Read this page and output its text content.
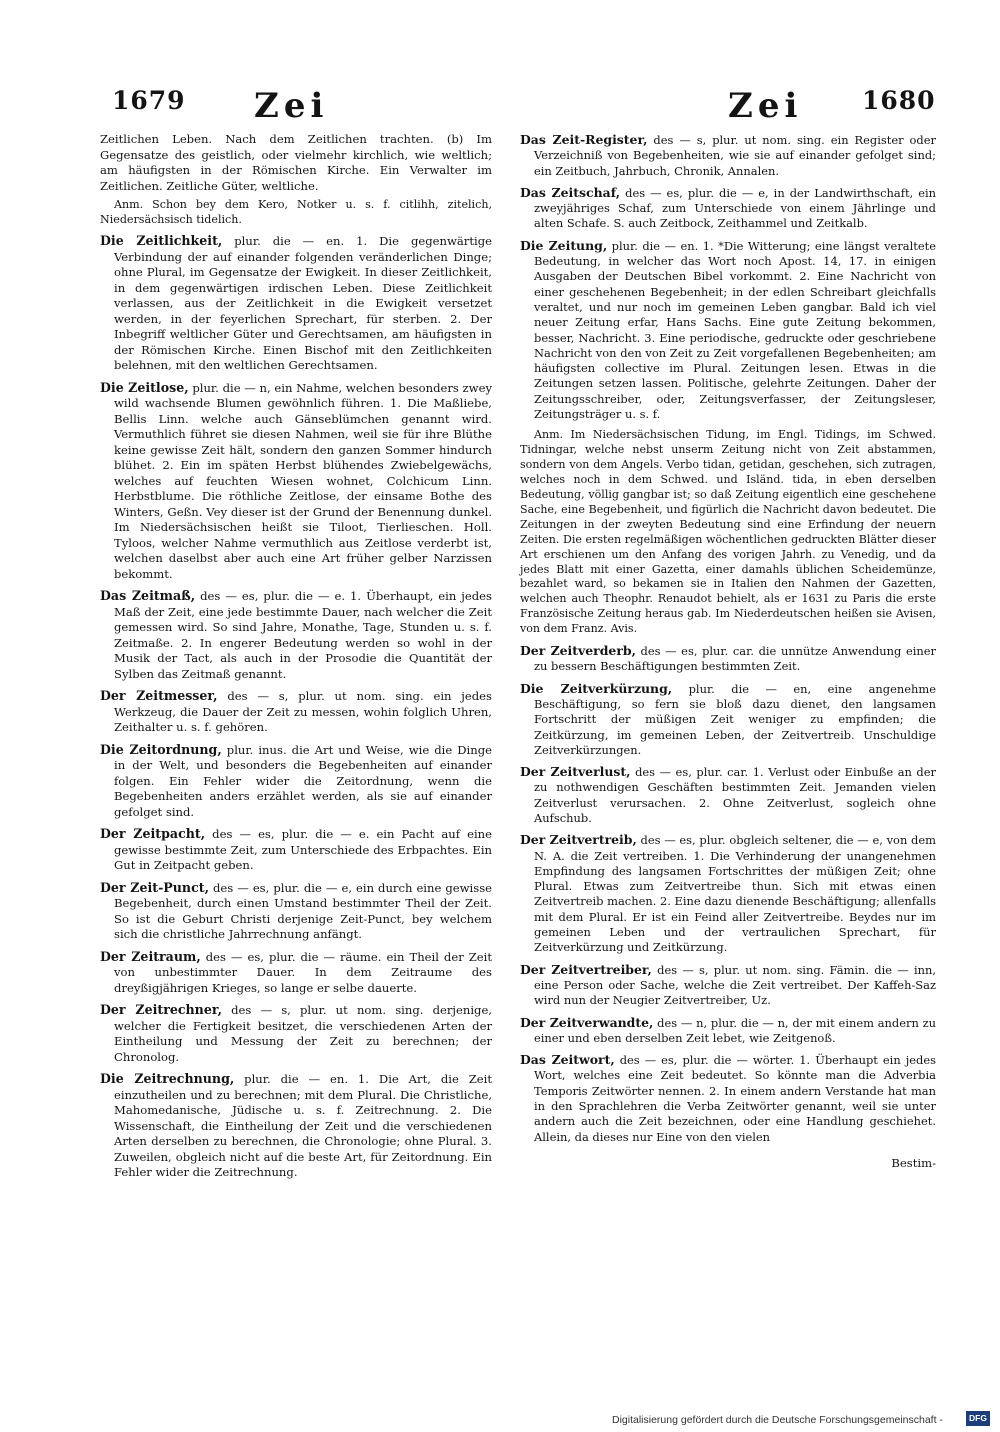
1679 Zei	Zei 1680

Zeitlichen Leben. Nach dem Zeitlichen trachten. (b) Im Gegensatze des geistlich, oder vielmehr kirchlich, wie weltlich; am häufigsten in der Römischen Kirche. Ein Verwalter im Zeitlichen. Zeitliche Güter, weltliche.

Anm. Schon bey dem Kero, Notker u. s. f. citlihh, zitelich, Niedersächsisch tidelich.

Die Zeitlichkeit, plur. die — en. 1. Die gegenwärtige Verbindung der auf einander folgenden veränderlichen Dinge; ohne Plural, im Gegensatze der Ewigkeit. In dieser Zeitlichkeit, in dem gegenwärtigen irdischen Leben. Diese Zeitlichkeit verlassen, aus der Zeitlichkeit in die Ewigkeit versetzet werden, in der feyerlichen Sprechart, für sterben. 2. Der Inbegriff weltlicher Güter und Gerechtsamen, am häufigsten in der Römischen Kirche. Einen Bischof mit den Zeitlichkeiten belehnen, mit den weltlichen Gerechtsamen.

Die Zeitlose, plur. die — n, ein Nahme, welchen besonders zwey wild wachsende Blumen gewöhnlich führen. 1. Die Maßliebe, Bellis Linn. welche auch Gänseblümchen genannt wird. Vermuthlich führet sie diesen Nahmen, weil sie für ihre Blüthe keine gewisse Zeit hält, sondern den ganzen Sommer hindurch blühet. 2. Ein im späten Herbst blühendes Zwiebelgewächs, welches auf feuchten Wiesen wohnet, Colchicum Linn. Herbstblume. Die röthliche Zeitlose, der einsame Bothe des Winters, Geßn. Vey dieser ist der Grund der Benennung dunkel. Im Niedersächsischen heißt sie Tiloot, Tierlieschen. Holl. Tyloos, welcher Nahme vermuthlich aus Zeitlose verderbt ist, welchen daselbst aber auch eine Art früher gelber Narzissen bekommt.

Das Zeitmaß, des — es, plur. die — e. 1. Überhaupt, ein jedes Maß der Zeit, eine jede bestimmte Dauer, nach welcher die Zeit gemessen wird. So sind Jahre, Monathe, Tage, Stunden u. s. f. Zeitmaße. 2. In engerer Bedeutung werden so wohl in der Musik der Tact, als auch in der Prosodie die Quantität der Sylben das Zeitmaß genannt.

Der Zeitmesser, des — s, plur. ut nom. sing. ein jedes Werkzeug, die Dauer der Zeit zu messen, wohin folglich Uhren, Zeithalter u. s. f. gehören.

Die Zeitordnung, plur. inus. die Art und Weise, wie die Dinge in der Welt, und besonders die Begebenheiten auf einander folgen. Ein Fehler wider die Zeitordnung, wenn die Begebenheiten anders erzählet werden, als sie auf einander gefolget sind.

Der Zeitpacht, des — es, plur. die — e. ein Pacht auf eine gewisse bestimmte Zeit, zum Unterschiede des Erbpachtes. Ein Gut in Zeitpacht geben.

Der Zeit-Punct, des — es, plur. die — e, ein durch eine gewisse Begebenheit, durch einen Umstand bestimmter Theil der Zeit. So ist die Geburt Christi derjenige Zeit-Punct, bey welchem sich die christliche Jahrrechnung anfängt.

Der Zeitraum, des — es, plur. die — räume. ein Theil der Zeit von unbestimmter Dauer. In dem Zeitraume des dreyßigjährigen Krieges, so lange er selbe dauerte.

Der Zeitrechner, des — s, plur. ut nom. sing. derjenige, welcher die Fertigkeit besitzet, die verschiedenen Arten der Eintheilung und Messung der Zeit zu berechnen; der Chronolog.

Die Zeitrechnung, plur. die — en. 1. Die Art, die Zeit einzutheilen und zu berechnen; mit dem Plural. Die Christliche, Mahomedanische, Jüdische u. s. f. Zeitrechnung. 2. Die Wissenschaft, die Eintheilung der Zeit und die verschiedenen Arten derselben zu berechnen, die Chronologie; ohne Plural. 3. Zuweilen, obgleich nicht auf die beste Art, für Zeitordnung. Ein Fehler wider die Zeitrechnung.

Das Zeit-Register, des — s, plur. ut nom. sing. ein Register oder Verzeichniß von Begebenheiten, wie sie auf einander gefolget sind; ein Zeitbuch, Jahrbuch, Chronik, Annalen.

Das Zeitschaf, des — es, plur. die — e, in der Landwirthschaft, ein zweyjähriges Schaf, zum Unterschiede von einem Jährlinge und alten Schafe. S. auch Zeitbock, Zeithammel und Zeitkalb.

Die Zeitung, plur. die — en. 1. *Die Witterung; eine längst veraltete Bedeutung, in welcher das Wort noch Apost. 14, 17. in einigen Ausgaben der Deutschen Bibel vorkommt. 2. Eine Nachricht von einer geschehenen Begebenheit; in der edlen Schreibart gleichfalls veraltet, und nur noch im gemeinen Leben gangbar. Bald ich viel neuer Zeitung erfar, Hans Sachs. Eine gute Zeitung bekommen, besser, Nachricht. 3. Eine periodische, gedruckte oder geschriebene Nachricht von den von Zeit zu Zeit vorgefallenen Begebenheiten; am häufigsten collective im Plural. Zeitungen lesen. Etwas in die Zeitungen setzen lassen. Politische, gelehrte Zeitungen. Daher der Zeitungsschreiber, oder, Zeitungsverfasser, der Zeitungsleser, Zeitungsträger u. s. f.

Anm. Im Niedersächsischen Tidung, im Engl. Tidings, im Schwed. Tidningar, welche nebst unserm Zeitung nicht von Zeit abstammen, sondern von dem Angels. Verbo tidan, getidan, geschehen, sich zutragen, welches noch in dem Schwed. und Isländ. tida, in eben derselben Bedeutung, völlig gangbar ist; so daß Zeitung eigentlich eine geschehene Sache, eine Begebenheit, und figürlich die Nachricht davon bedeutet. Die Zeitungen in der zweyten Bedeutung sind eine Erfindung der neuern Zeiten. Die ersten regelmäßigen wöchentlichen gedruckten Blätter dieser Art erschienen um den Anfang des vorigen Jahrh. zu Venedig, und da jedes Blatt mit einer Gazetta, einer damahls üblichen Scheidemünze, bezahlet ward, so bekamen sie in Italien den Nahmen der Gazetten, welchen auch Theophr. Renaudot behielt, als er 1631 zu Paris die erste Französische Zeitung heraus gab. Im Niederdeutschen heißen sie Avisen, von dem Franz. Avis.

Der Zeitverderb, des — es, plur. car. die unnütze Anwendung einer zu bessern Beschäftigungen bestimmten Zeit.

Die Zeitverkürzung, plur. die — en, eine angenehme Beschäftigung, so fern sie bloß dazu dienet, den langsamen Fortschritt der müßigen Zeit weniger zu empfinden; die Zeitkürzung, im gemeinen Leben, der Zeitvertreib. Unschuldige Zeitverkürzungen.

Der Zeitverlust, des — es, plur. car. 1. Verlust oder Einbuße an der zu nothwendigen Geschäften bestimmten Zeit. Jemanden vielen Zeitverlust verursachen. 2. Ohne Zeitverlust, sogleich ohne Aufschub.

Der Zeitvertreib, des — es, plur. obgleich seltener, die — e, von dem N. A. die Zeit vertreiben. 1. Die Verhinderung der unangenehmen Empfindung des langsamen Fortschrittes der müßigen Zeit; ohne Plural. Etwas zum Zeitvertreibe thun. Sich mit etwas einen Zeitvertreib machen. 2. Eine dazu dienende Beschäftigung; allenfalls mit dem Plural. Er ist ein Feind aller Zeitvertreibe. Beydes nur im gemeinen Leben und der vertraulichen Sprechart, für Zeitverkürzung und Zeitkürzung.

Der Zeitvertreiber, des — s, plur. ut nom. sing. Fämin. die — inn, eine Person oder Sache, welche die Zeit vertreibet. Der Kaffeh-Saz wird nun der Neugier Zeitvertreiber, Uz.

Der Zeitverwandte, des — n, plur. die — n, der mit einem andern zu einer und eben derselben Zeit lebet, wie Zeitgenoß.

Das Zeitwort, des — es, plur. die — wörter. 1. Überhaupt ein jedes Wort, welches eine Zeit bedeutet. So könnte man die Adverbia Temporis Zeitwörter nennen. 2. In einem andern Verstande hat man in den Sprachlehren die Verba Zeitwörter genannt, weil sie unter andern auch die Zeit bezeichnen, oder eine Handlung geschiehet. Allein, da dieses nur Eine von den vielen

Bestim-
Digitalisierung gefördert durch die Deutsche Forschungsgemeinschaft -	DFG
